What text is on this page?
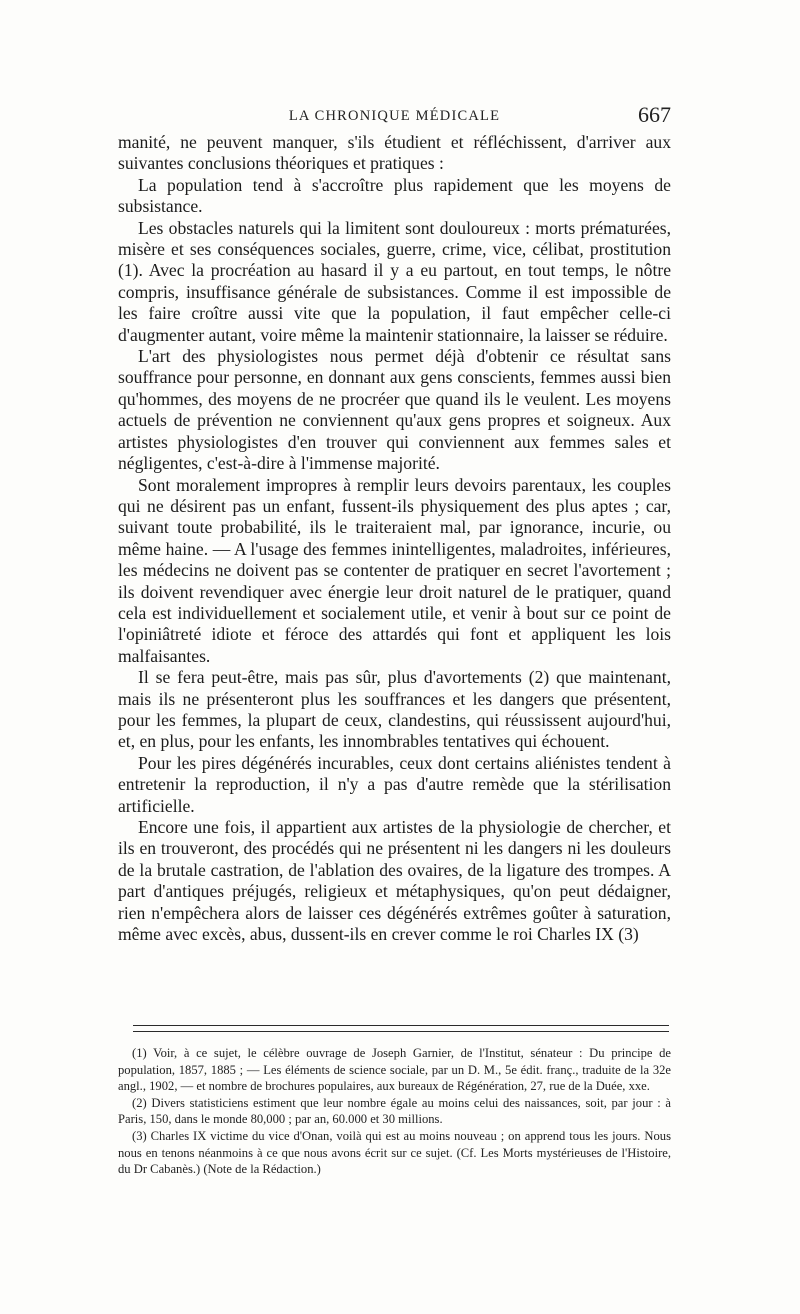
LA CHRONIQUE MÉDICALE	667

manité, ne peuvent manquer, s'ils étudient et réfléchissent, d'arriver aux suivantes conclusions théoriques et pratiques :

La population tend à s'accroître plus rapidement que les moyens de subsistance.

Les obstacles naturels qui la limitent sont douloureux : morts prématurées, misère et ses conséquences sociales, guerre, crime, vice, célibat, prostitution (1). Avec la procréation au hasard il y a eu partout, en tout temps, le nôtre compris, insuffisance générale de subsistances. Comme il est impossible de les faire croître aussi vite que la population, il faut empêcher celle-ci d'augmenter autant, voire même la maintenir stationnaire, la laisser se réduire.

L'art des physiologistes nous permet déjà d'obtenir ce résultat sans souffrance pour personne, en donnant aux gens conscients, femmes aussi bien qu'hommes, des moyens de ne procréer que quand ils le veulent. Les moyens actuels de prévention ne conviennent qu'aux gens propres et soigneux. Aux artistes physiologistes d'en trouver qui conviennent aux femmes sales et négligentes, c'est-à-dire à l'immense majorité.

Sont moralement impropres à remplir leurs devoirs parentaux, les couples qui ne désirent pas un enfant, fussent-ils physiquement des plus aptes ; car, suivant toute probabilité, ils le traiteraient mal, par ignorance, incurie, ou même haine. — A l'usage des femmes inintelligentes, maladroites, inférieures, les médecins ne doivent pas se contenter de pratiquer en secret l'avortement ; ils doivent revendiquer avec énergie leur droit naturel de le pratiquer, quand cela est individuellement et socialement utile, et venir à bout sur ce point de l'opiniâtreté idiote et féroce des attardés qui font et appliquent les lois malfaisantes.

Il se fera peut-être, mais pas sûr, plus d'avortements (2) que maintenant, mais ils ne présenteront plus les souffrances et les dangers que présentent, pour les femmes, la plupart de ceux, clandestins, qui réussissent aujourd'hui, et, en plus, pour les enfants, les innombrables tentatives qui échouent.

Pour les pires dégénérés incurables, ceux dont certains aliénistes tendent à entretenir la reproduction, il n'y a pas d'autre remède que la stérilisation artificielle.

Encore une fois, il appartient aux artistes de la physiologie de chercher, et ils en trouveront, des procédés qui ne présentent ni les dangers ni les douleurs de la brutale castration, de l'ablation des ovaires, de la ligature des trompes. A part d'antiques préjugés, religieux et métaphysiques, qu'on peut dédaigner, rien n'empêchera alors de laisser ces dégénérés extrêmes goûter à saturation, même avec excès, abus, dussent-ils en crever comme le roi Charles IX (3)

(1) Voir, à ce sujet, le célèbre ouvrage de Joseph Garnier, de l'Institut, sénateur : Du principe de population, 1857, 1885 ; — Les éléments de science sociale, par un D. M., 5e édit. franç., traduite de la 32e angl., 1902, — et nombre de brochures populaires, aux bureaux de Régénération, 27, rue de la Duée, xxe.

(2) Divers statisticiens estiment que leur nombre égale au moins celui des naissances, soit, par jour : à Paris, 150, dans le monde 80,000 ; par an, 60.000 et 30 millions.

(3) Charles IX victime du vice d'Onan, voilà qui est au moins nouveau ; on apprend tous les jours. Nous nous en tenons néanmoins à ce que nous avons écrit sur ce sujet. (Cf. Les Morts mystérieuses de l'Histoire, du Dr Cabanès.) (Note de la Rédaction.)
